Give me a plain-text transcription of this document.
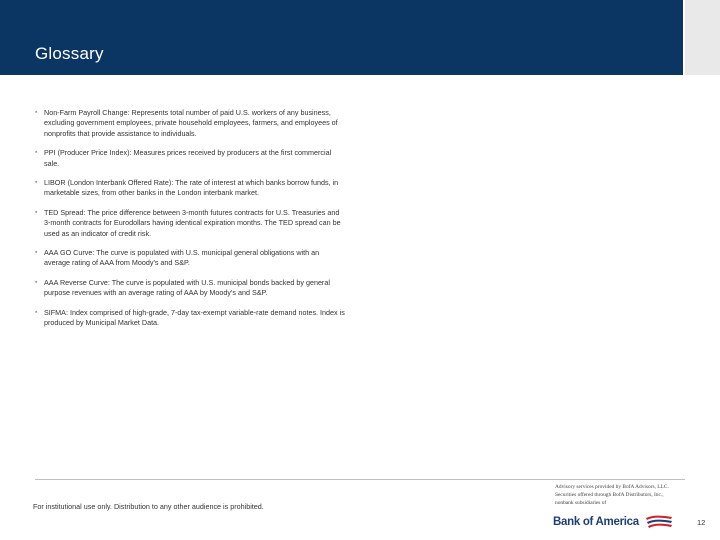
Glossary
▪ Non-Farm Payroll Change: Represents total number of paid U.S. workers of any business, excluding government employees, private household employees, farmers, and employees of nonprofits that provide assistance to individuals.
▪ PPI (Producer Price Index): Measures prices received by producers at the first commercial sale.
▪ LIBOR (London Interbank Offered Rate): The rate of interest at which banks borrow funds, in marketable sizes, from other banks in the London interbank market.
▪ TED Spread: The price difference between 3-month futures contracts for U.S. Treasuries and 3-month contracts for Eurodollars having identical expiration months. The TED spread can be used as an indicator of credit risk.
▪ AAA GO Curve: The curve is populated with U.S. municipal general obligations with an average rating of AAA from Moody's and S&P.
▪ AAA Reverse Curve: The curve is populated with U.S. municipal bonds backed by general purpose revenues with an average rating of AAA by Moody's and S&P.
▪ SIFMA: Index comprised of high-grade, 7-day tax-exempt variable-rate demand notes. Index is produced by Municipal Market Data.
For institutional use only. Distribution to any other audience is prohibited.
Advisory services provided by BofA Advisors, LLC.
Securities offered through BofA Distributors, Inc.,
nonbank subsidiaries of
Bank of America	12
